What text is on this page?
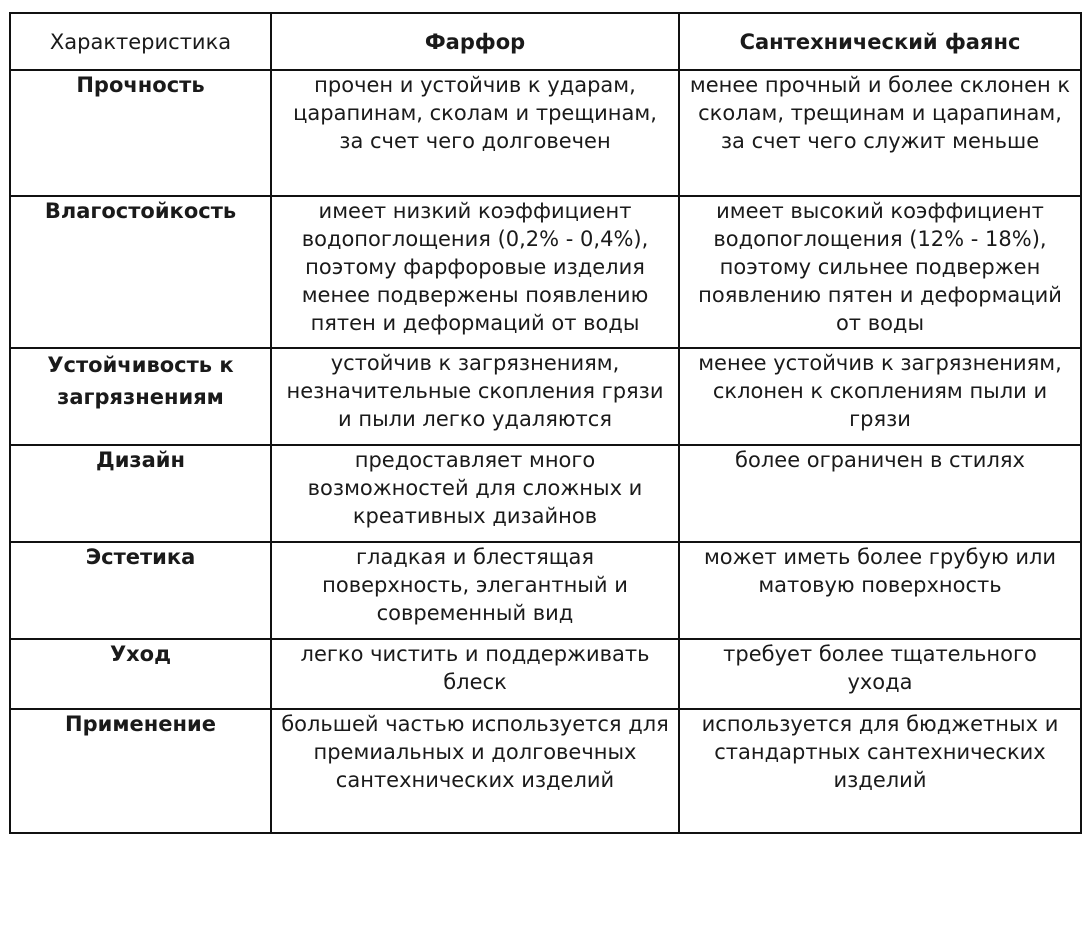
Характеристика	Фарфор	Сантехнический фаянс
Прочность	прочен и устойчив к ударам, царапинам, сколам и трещинам, за счет чего долговечен	менее прочный и более склонен к сколам, трещинам и царапинам, за счет чего служит меньше
Влагостойкость	имеет низкий коэффициент водопоглощения (0,2% - 0,4%), поэтому фарфоровые изделия менее подвержены появлению пятен и деформаций от воды	имеет высокий коэффициент водопоглощения (12% - 18%), поэтому сильнее подвержен появлению пятен и деформаций от воды
Устойчивость к загрязнениям	устойчив к загрязнениям, незначительные скопления грязи и пыли легко удаляются	менее устойчив к загрязнениям, склонен к скоплениям пыли и грязи
Дизайн	предоставляет много возможностей для сложных и креативных дизайнов	более ограничен в стилях
Эстетика	гладкая и блестящая поверхность, элегантный и современный вид	может иметь более грубую или матовую поверхность
Уход	легко чистить и поддерживать блеск	требует более тщательного ухода
Применение	большей частью используется для премиальных и долговечных сантехнических изделий	используется для бюджетных и стандартных сантехнических изделий
